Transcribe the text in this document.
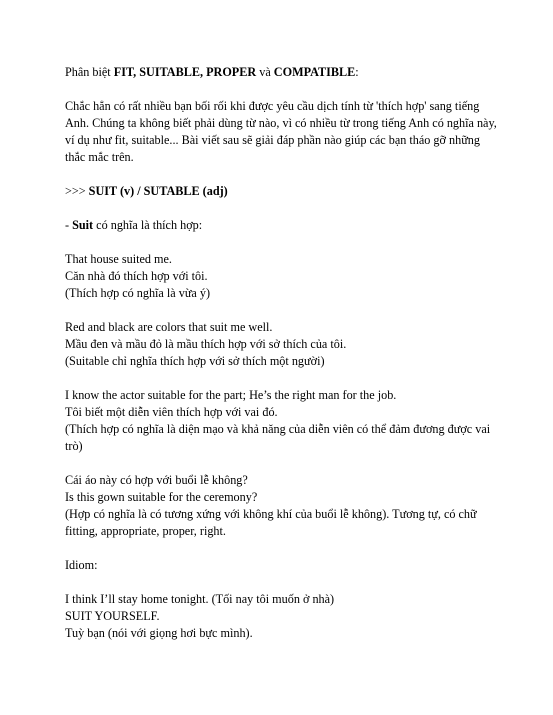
Phân biệt FIT, SUITABLE, PROPER và COMPATIBLE:

Chắc hẳn có rất nhiều bạn bối rối khi được yêu cầu dịch tính từ 'thích hợp' sang tiếng Anh. Chúng ta không biết phải dùng từ nào, vì có nhiều từ trong tiếng Anh có nghĩa này, ví dụ như fit, suitable... Bài viết sau sẽ giải đáp phần nào giúp các bạn tháo gỡ những thắc mắc trên.

>>> SUIT (v) / SUTABLE (adj)

- Suit có nghĩa là thích hợp:

That house suited me.

Căn nhà đó thích hợp với tôi.

(Thích hợp có nghĩa là vừa ý)

Red and black are colors that suit me well.

Mầu đen và mầu đỏ là mầu thích hợp với sở thích của tôi.

(Suitable chỉ nghĩa thích hợp với sở thích một người)

I know the actor suitable for the part; He’s the right man for the job.

Tôi biết một diễn viên thích hợp với vai đó.

(Thích hợp có nghĩa là diện mạo và khả năng của diễn viên có thể đảm đương được vai trò)

Cái áo này có hợp với buổi lễ không?

Is this gown suitable for the ceremony?

(Hợp có nghĩa là có tương xứng với không khí của buổi lễ không). Tương tự, có chữ fitting, appropriate, proper, right.

Idiom:

I think I’ll stay home tonight. (Tối nay tôi muốn ở nhà)

SUIT YOURSELF.

Tuỳ bạn (nói với giọng hơi bực mình).
